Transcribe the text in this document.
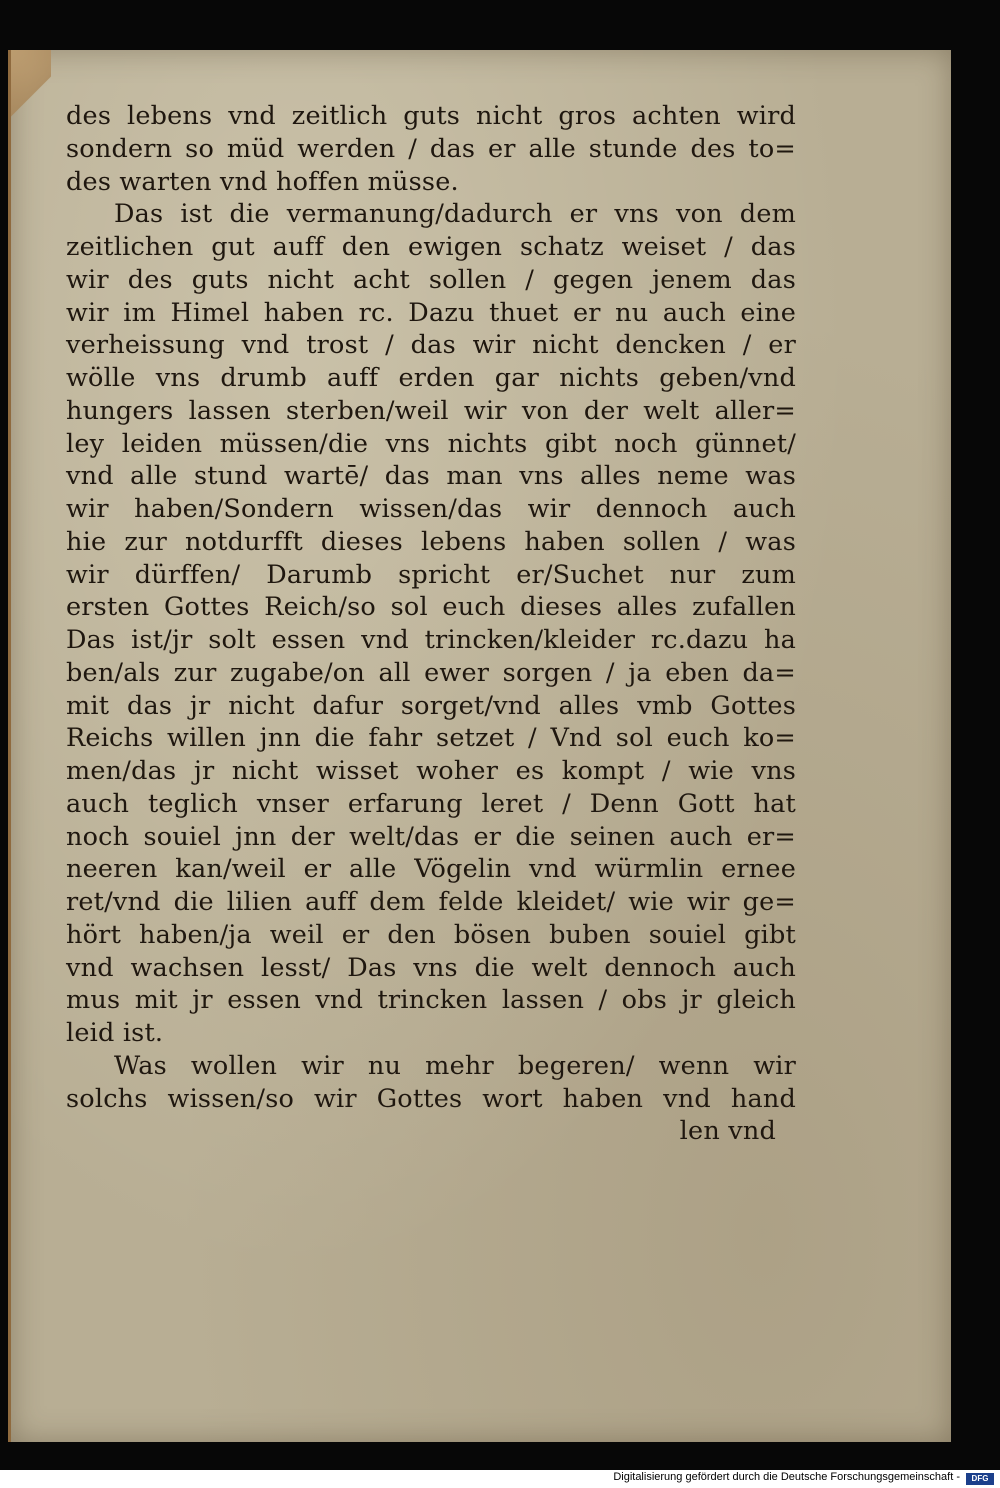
des lebens vnd zeitlich guts nicht gros achten wird
sondern so müd werden / das er alle stunde des to=
des warten vnd hoffen müsse.
Das ist die vermanung/dadurch er vns von dem
zeitlichen gut auff den ewigen schatz weiset / das
wir des guts nicht acht sollen / gegen jenem das
wir im Himel haben rc. Dazu thuet er nu auch eine
verheissung vnd trost / das wir nicht dencken / er
wölle vns drumb auff erden gar nichts geben/vnd
hungers lassen sterben/weil wir von der welt aller=
ley leiden müssen/die vns nichts gibt noch günnet/
vnd alle stund wartē/ das man vns alles neme was
wir haben/Sondern wissen/das wir dennoch auch
hie zur notdurfft dieses lebens haben sollen / was
wir dürffen/ Darumb spricht er/Suchet nur zum
ersten Gottes Reich/so sol euch dieses alles zufallen
Das ist/jr solt essen vnd trincken/kleider rc.dazu ha
ben/als zur zugabe/on all ewer sorgen / ja eben da=
mit das jr nicht dafur sorget/vnd alles vmb Gottes
Reichs willen jnn die fahr setzet / Vnd sol euch ko=
men/das jr nicht wisset woher es kompt / wie vns
auch teglich vnser erfarung leret / Denn Gott hat
noch souiel jnn der welt/das er die seinen auch er=
neeren kan/weil er alle Vögelin vnd würmlin ernee
ret/vnd die lilien auff dem felde kleidet/ wie wir ge=
hört haben/ja weil er den bösen buben souiel gibt
vnd wachsen lesst/ Das vns die welt dennoch auch
mus mit jr essen vnd trincken lassen / obs jr gleich
leid ist.
Was wollen wir nu mehr begeren/ wenn wir
solchs wissen/so wir Gottes wort haben vnd hand
len vnd
Digitalisierung gefördert durch die Deutsche Forschungsgemeinschaft -	DFG
